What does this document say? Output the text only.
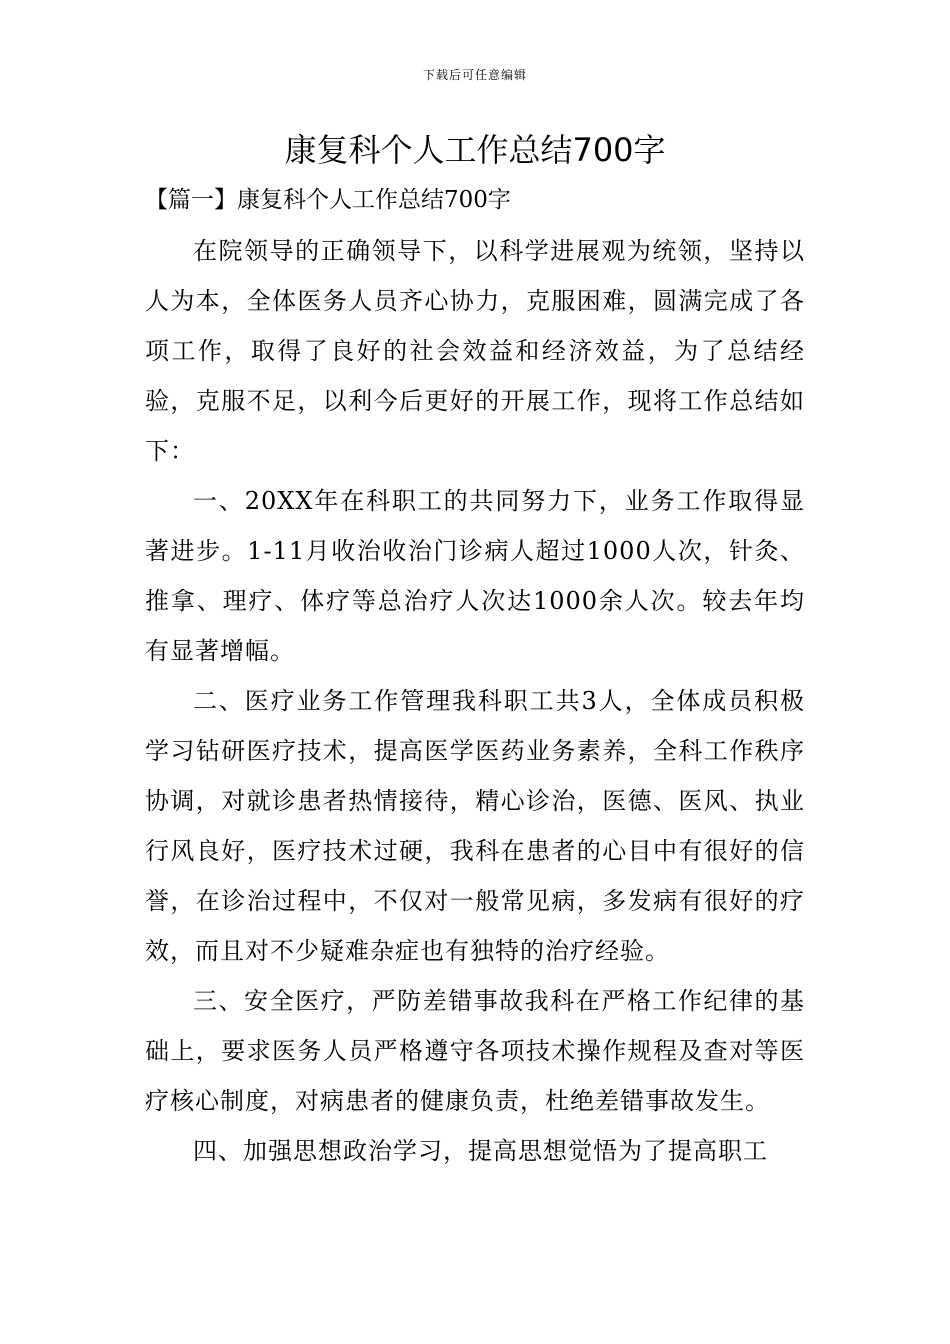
下载后可任意编辑
康复科个人工作总结700字
【篇一】康复科个人工作总结700字

在院领导的正确领导下，以科学进展观为统领，坚持以人为本，全体医务人员齐心协力，克服困难，圆满完成了各项工作，取得了良好的社会效益和经济效益，为了总结经验，克服不足，以利今后更好的开展工作，现将工作总结如下：

一、20XX年在科职工的共同努力下，业务工作取得显著进步。1-11月收治收治门诊病人超过1000人次，针灸、推拿、理疗、体疗等总治疗人次达1000余人次。较去年均有显著增幅。

二、医疗业务工作管理我科职工共3人，全体成员积极学习钻研医疗技术，提高医学医药业务素养，全科工作秩序协调，对就诊患者热情接待，精心诊治，医德、医风、执业行风良好，医疗技术过硬，我科在患者的心目中有很好的信誉，在诊治过程中，不仅对一般常见病，多发病有很好的疗效，而且对不少疑难杂症也有独特的治疗经验。

三、安全医疗，严防差错事故我科在严格工作纪律的基础上，要求医务人员严格遵守各项技术操作规程及查对等医疗核心制度，对病患者的健康负责，杜绝差错事故发生。

四、加强思想政治学习，提高思想觉悟为了提高职工
